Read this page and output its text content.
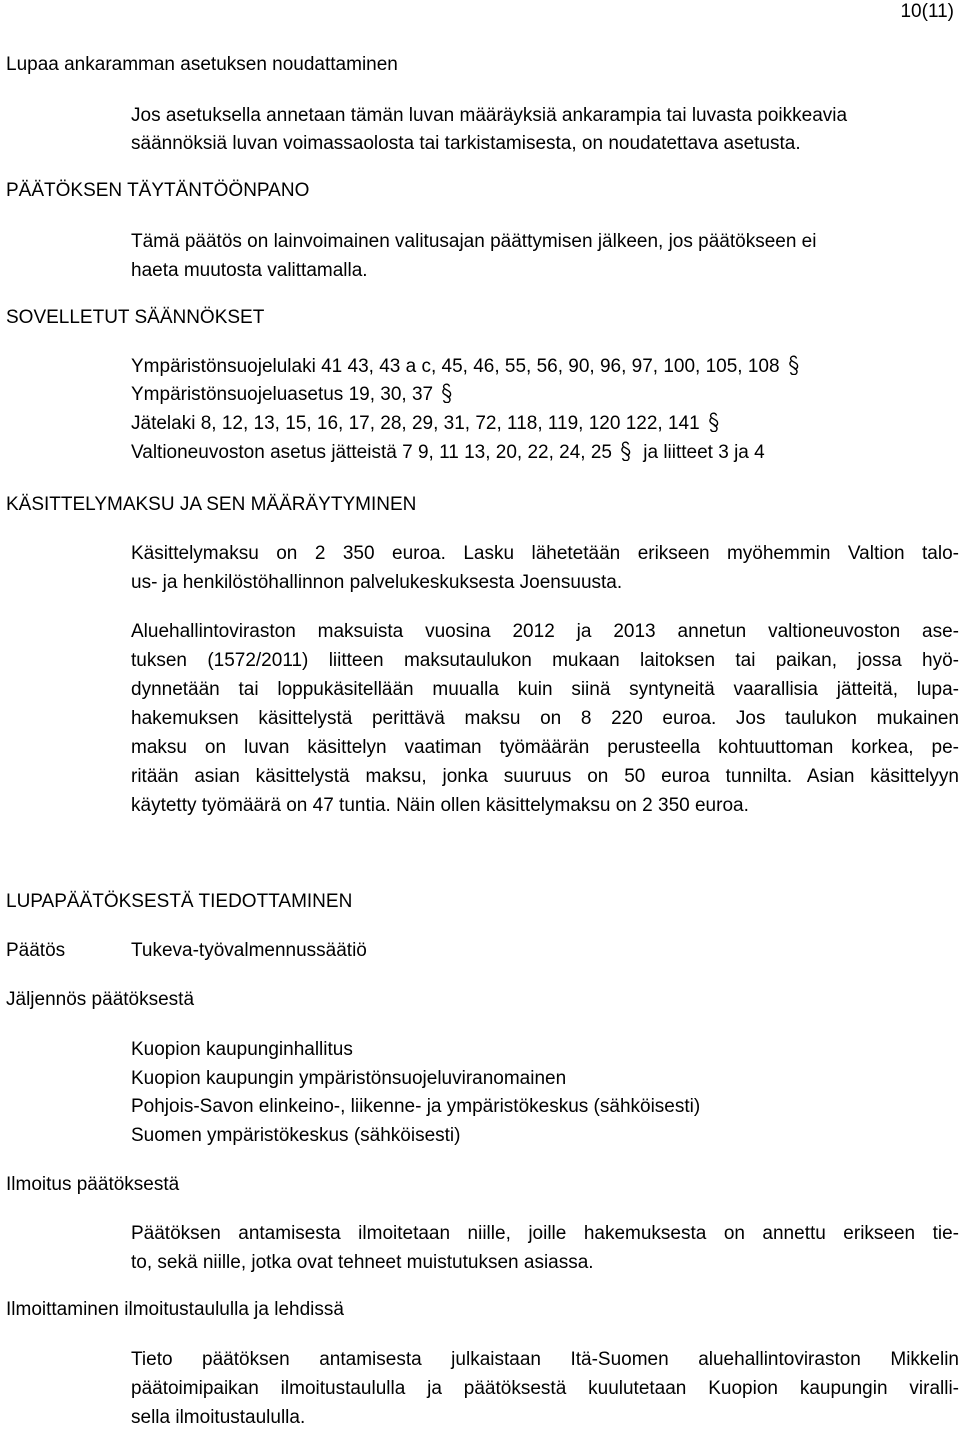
10(11)
Lupaa ankaramman asetuksen noudattaminen
Jos asetuksella annetaan tämän luvan määräyksiä ankarampia tai luvasta poikkeavia
säännöksiä luvan voimassaolosta tai tarkistamisesta, on noudatettava asetusta.
PÄÄTÖKSEN TÄYTÄNTÖÖNPANO
Tämä päätös on lainvoimainen valitusajan päättymisen jälkeen, jos päätökseen ei
haeta muutosta valittamalla.
SOVELLETUT SÄÄNNÖKSET
Ympäristönsuojelulaki 41 43, 43 a c, 45, 46, 55, 56, 90, 96, 97, 100, 105, 108
Ympäristönsuojeluasetus 19, 30, 37
Jätelaki 8, 12, 13, 15, 16, 17, 28, 29, 31, 72, 118, 119, 120 122, 141
Valtioneuvoston asetus jätteistä 7 9, 11 13, 20, 22, 24, 25 ja liitteet 3 ja 4
KÄSITTELYMAKSU JA SEN MÄÄRÄYTYMINEN
Käsittelymaksu on 2 350 euroa. Lasku lähetetään erikseen myöhemmin Valtion talo-
us- ja henkilöstöhallinnon palvelukeskuksesta Joensuusta.
Aluehallintoviraston maksuista vuosina 2012 ja 2013 annetun valtioneuvoston ase-
tuksen (1572/2011) liitteen maksutaulukon mukaan laitoksen tai paikan, jossa hyö-
dynnetään tai loppukäsitellään muualla kuin siinä syntyneitä vaarallisia jätteitä, lupa-
hakemuksen käsittelystä perittävä maksu on 8 220 euroa. Jos taulukon mukainen
maksu on luvan käsittelyn vaatiman työmäärän perusteella kohtuuttoman korkea, pe-
ritään asian käsittelystä maksu, jonka suuruus on 50 euroa tunnilta. Asian käsittelyyn
käytetty työmäärä on 47 tuntia. Näin ollen käsittelymaksu on 2 350 euroa.
LUPAPÄÄTÖKSESTÄ TIEDOTTAMINEN
Päätös	Tukeva-työvalmennussäätiö
Jäljennös päätöksestä
Kuopion kaupunginhallitus
Kuopion kaupungin ympäristönsuojeluviranomainen
Pohjois-Savon elinkeino-, liikenne- ja ympäristökeskus (sähköisesti)
Suomen ympäristökeskus (sähköisesti)
Ilmoitus päätöksestä
Päätöksen antamisesta ilmoitetaan niille, joille hakemuksesta on annettu erikseen tie-
to, sekä niille, jotka ovat tehneet muistutuksen asiassa.
Ilmoittaminen ilmoitustaululla ja lehdissä
Tieto päätöksen antamisesta julkaistaan Itä-Suomen aluehallintoviraston Mikkelin
päätoimipaikan ilmoitustaululla ja päätöksestä kuulutetaan Kuopion kaupungin viralli-
sella ilmoitustaululla.
